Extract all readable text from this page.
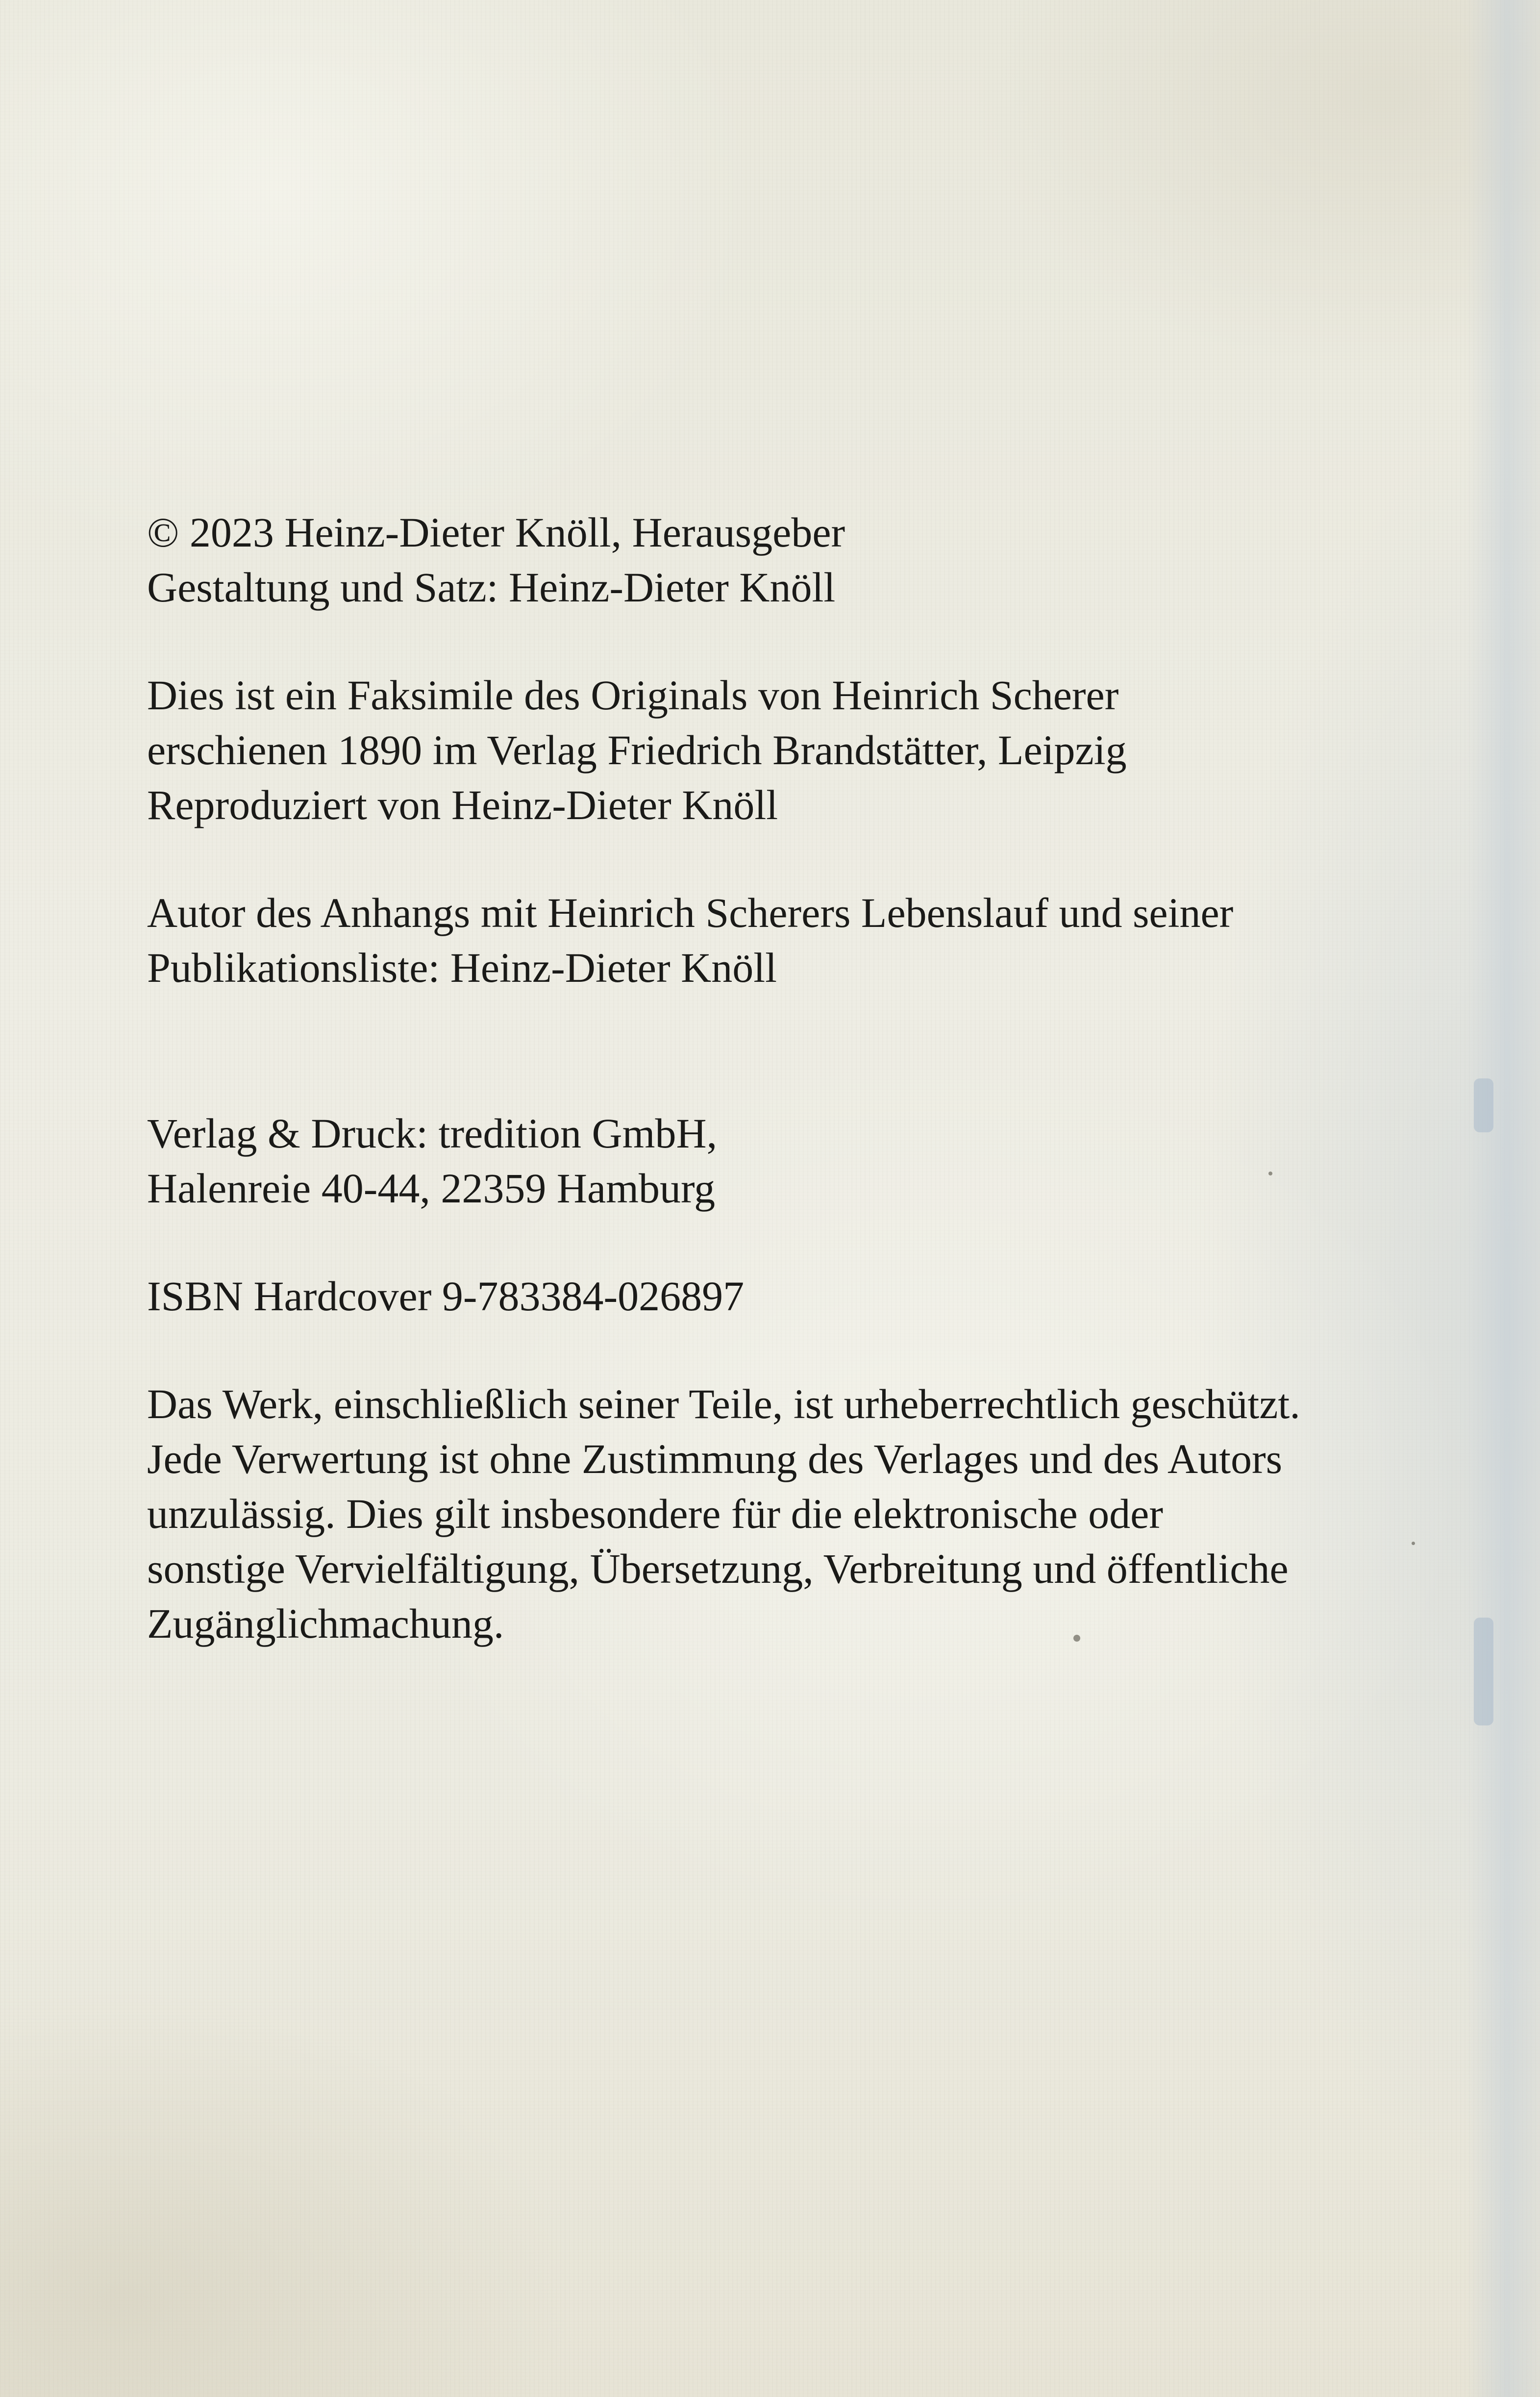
© 2023 Heinz-Dieter Knöll, Herausgeber
Gestaltung und Satz: Heinz-Dieter Knöll
Dies ist ein Faksimile des Originals von Heinrich Scherer
erschienen 1890 im Verlag Friedrich Brandstätter, Leipzig
Reproduziert von Heinz-Dieter Knöll
Autor des Anhangs mit Heinrich Scherers Lebenslauf und seiner
Publikationsliste: Heinz-Dieter Knöll
Verlag & Druck: tredition GmbH,
Halenreie 40-44, 22359 Hamburg
ISBN Hardcover 9-783384-026897
Das Werk, einschließlich seiner Teile, ist urheberrechtlich geschützt.
Jede Verwertung ist ohne Zustimmung des Verlages und des Autors
unzulässig. Dies gilt insbesondere für die elektronische oder
sonstige Vervielfältigung, Übersetzung, Verbreitung und öffentliche
Zugänglichmachung.
